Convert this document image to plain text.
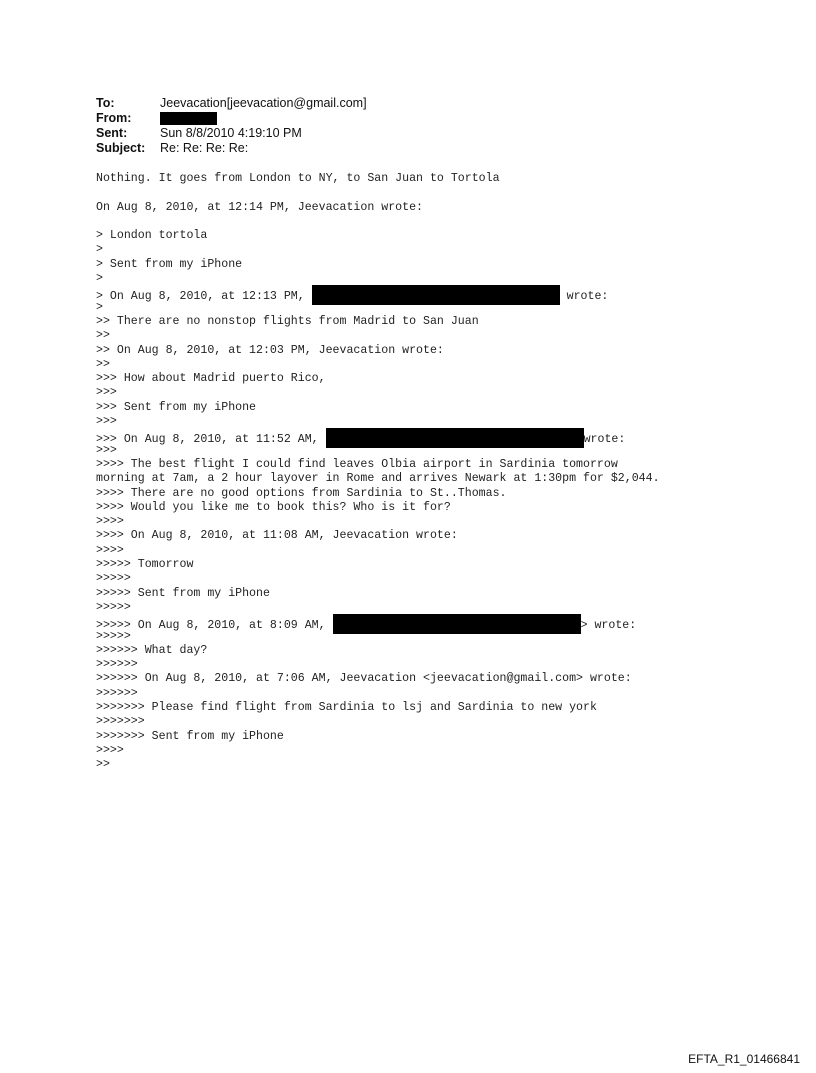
To:	Jeevacation[jeevacation@gmail.com]
From:
Sent:	Sun 8/8/2010 4:19:10 PM
Subject:	Re: Re: Re: Re:
Nothing. It goes from London to NY, to San Juan to Tortola
On Aug 8, 2010, at 12:14 PM, Jeevacation wrote:
> London tortola
>
> Sent from my iPhone
>
> On Aug 8, 2010, at 12:13 PM,	wrote:
>
>> There are no nonstop flights from Madrid to San Juan
>>
>> On Aug 8, 2010, at 12:03 PM, Jeevacation wrote:
>>
>>> How about Madrid puerto Rico,
>>>
>>> Sent from my iPhone
>>>
>>> On Aug 8, 2010, at 11:52 AM,	wrote:
>>>
>>>> The best flight I could find leaves Olbia airport in Sardinia tomorrow
morning at 7am, a 2 hour layover in Rome and arrives Newark at 1:30pm for $2,044.
>>>> There are no good options from Sardinia to St..Thomas.
>>>> Would you like me to book this? Who is it for?
>>>>
>>>> On Aug 8, 2010, at 11:08 AM, Jeevacation wrote:
>>>>
>>>>> Tomorrow
>>>>>
>>>>> Sent from my iPhone
>>>>>
>>>>> On Aug 8, 2010, at 8:09 AM,	> wrote:
>>>>>
>>>>>> What day?
>>>>>>
>>>>>> On Aug 8, 2010, at 7:06 AM, Jeevacation <jeevacation@gmail.com> wrote:
>>>>>>
>>>>>>> Please find flight from Sardinia to lsj and Sardinia to new york
>>>>>>>
>>>>>>> Sent from my iPhone
>>>>
>>
EFTA_R1_01466841
